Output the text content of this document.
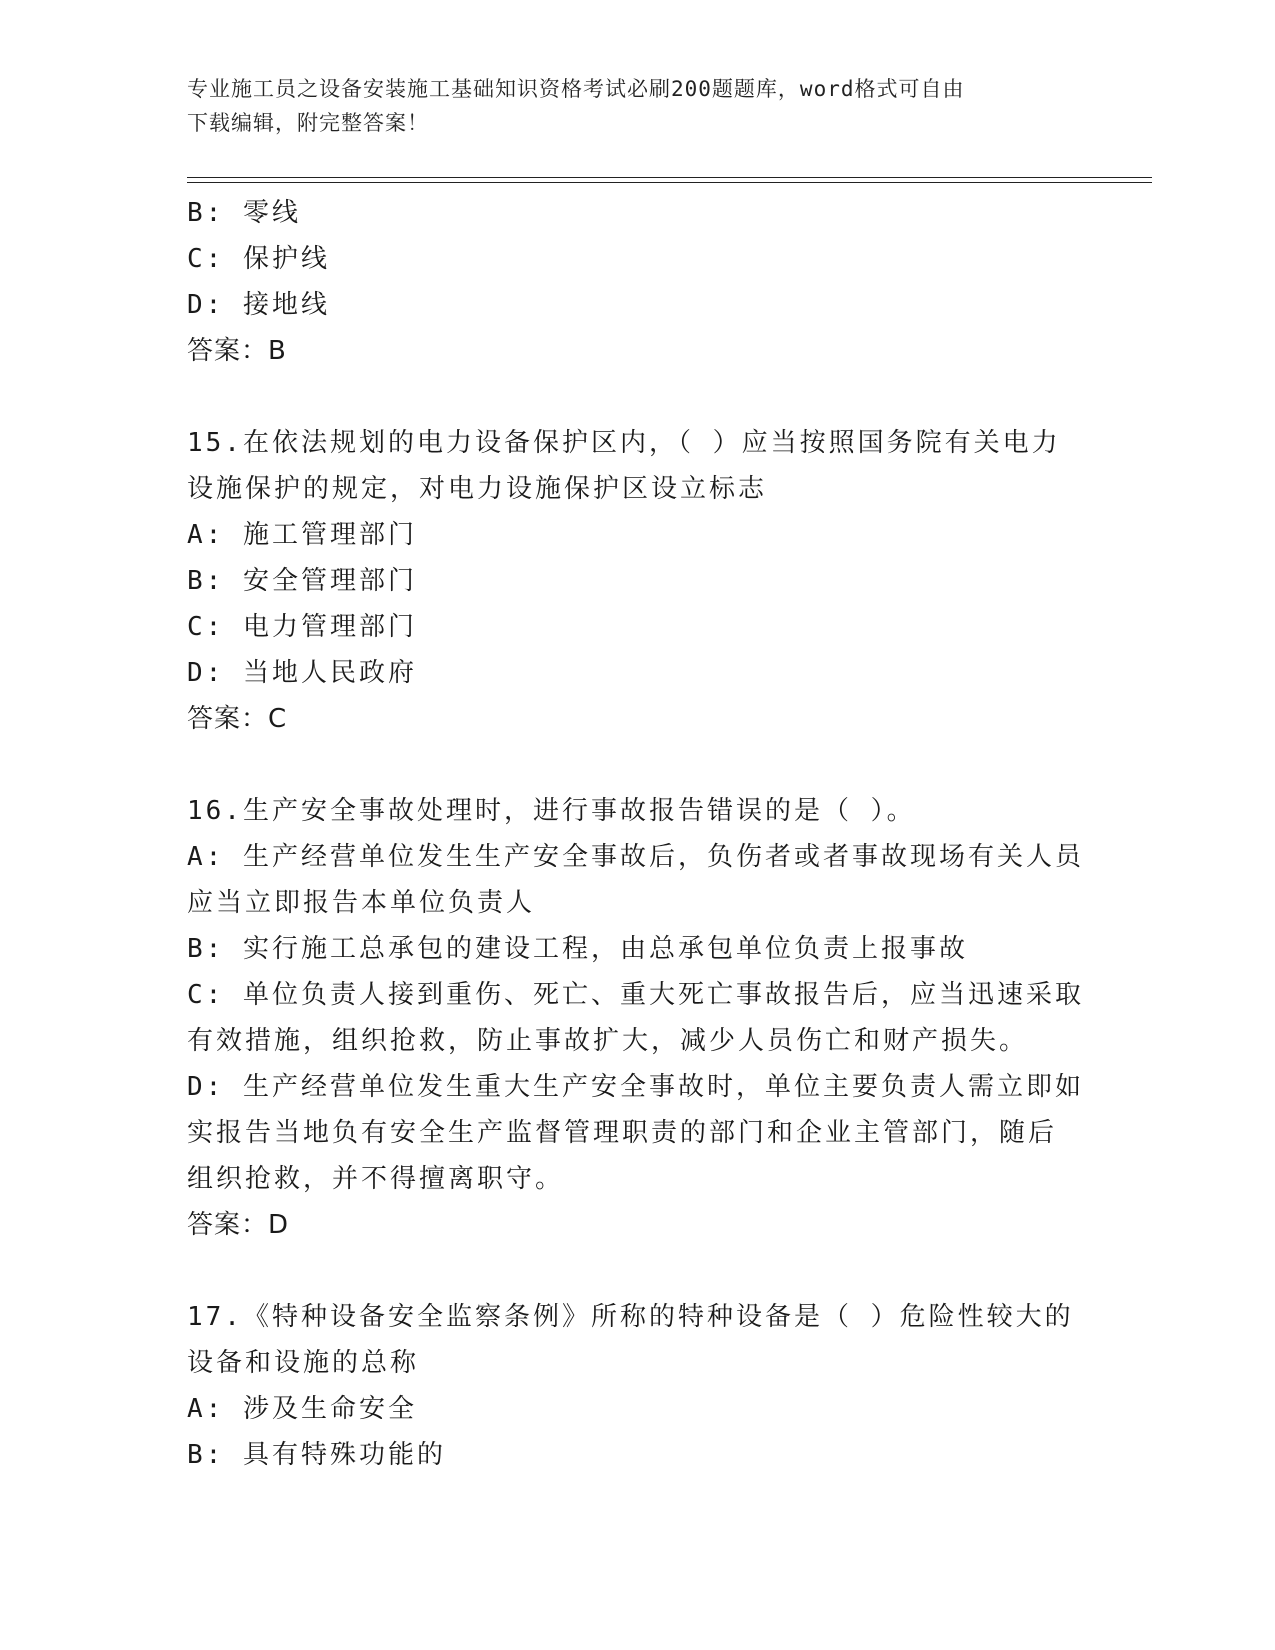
专业施工员之设备安装施工基础知识资格考试必刷200题题库，word格式可自由
下载编辑，附完整答案！
B: 零线
C: 保护线
D: 接地线
答案：B
15.在依法规划的电力设备保护区内，（ ）应当按照国务院有关电力
设施保护的规定，对电力设施保护区设立标志
A: 施工管理部门
B: 安全管理部门
C: 电力管理部门
D: 当地人民政府
答案：C
16.生产安全事故处理时，进行事故报告错误的是（ ）。
A: 生产经营单位发生生产安全事故后，负伤者或者事故现场有关人员
应当立即报告本单位负责人
B: 实行施工总承包的建设工程，由总承包单位负责上报事故
C: 单位负责人接到重伤、死亡、重大死亡事故报告后，应当迅速采取
有效措施，组织抢救，防止事故扩大，减少人员伤亡和财产损失。
D: 生产经营单位发生重大生产安全事故时，单位主要负责人需立即如
实报告当地负有安全生产监督管理职责的部门和企业主管部门，随后
组织抢救，并不得擅离职守。
答案：D
17.《特种设备安全监察条例》所称的特种设备是（ ）危险性较大的
设备和设施的总称
A: 涉及生命安全
B: 具有特殊功能的
